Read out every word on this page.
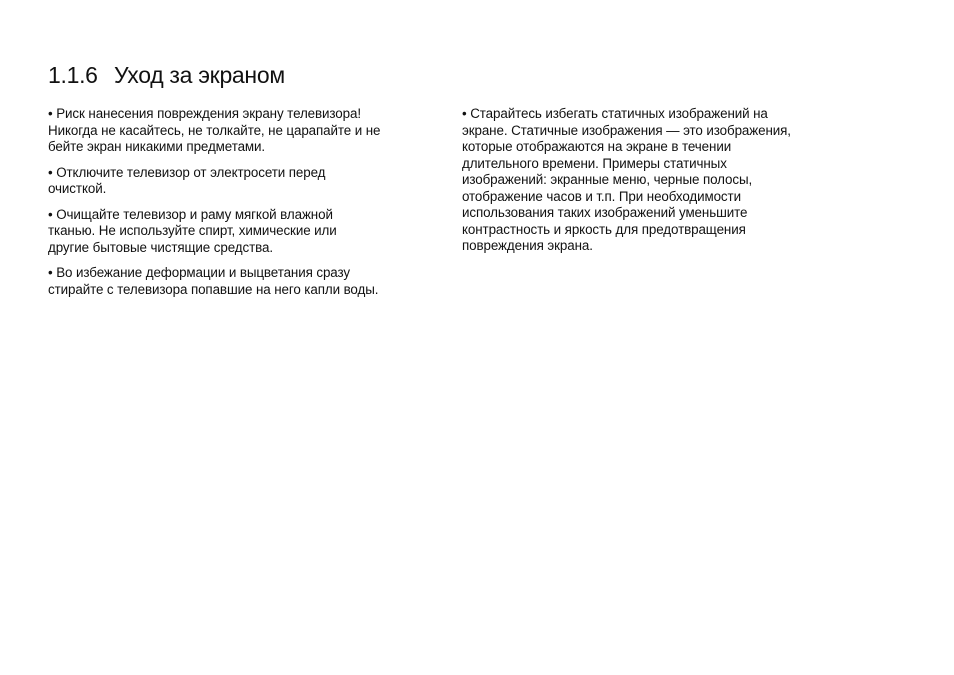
1.1.6 Уход за экраном

• Риск нанесения повреждения экрану телевизора!
Никогда не касайтесь, не толкайте, не царапайте и не
бейте экран никакими предметами.

• Отключите телевизор от электросети перед
очисткой.

• Очищайте телевизор и раму мягкой влажной
тканью. Не используйте спирт, химические или
другие бытовые чистящие средства.

• Во избежание деформации и выцветания сразу
стирайте с телевизора попавшие на него капли воды.

• Старайтесь избегать статичных изображений на
экране. Статичные изображения — это изображения,
которые отображаются на экране в течении
длительного времени. Примеры статичных
изображений: экранные меню, черные полосы,
отображение часов и т.п. При необходимости
использования таких изображений уменьшите
контрастность и яркость для предотвращения
повреждения экрана.
